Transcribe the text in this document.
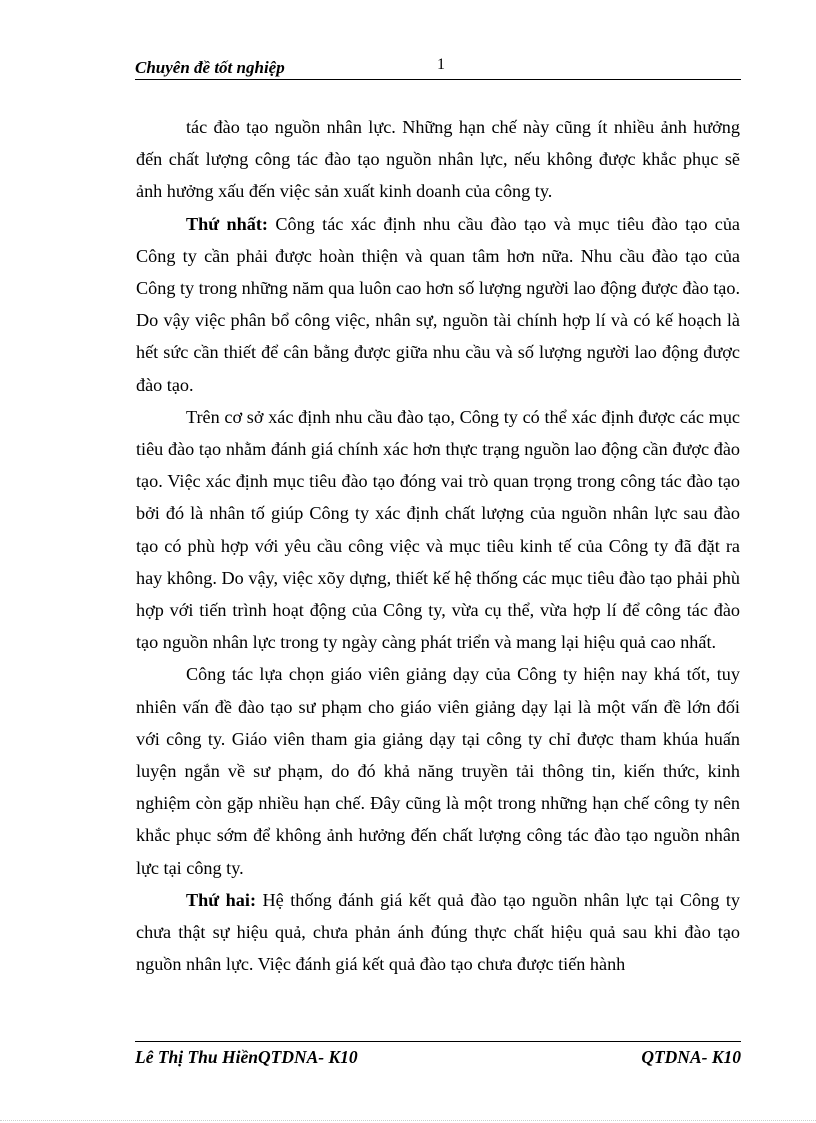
Chuyên đề tốt nghiệp	1

tác đào tạo nguồn nhân lực. Những hạn chế này cũng ít nhiều ảnh hưởng đến chất lượng công tác đào tạo nguồn nhân lực, nếu không được khắc phục sẽ ảnh hưởng xấu đến việc sản xuất kinh doanh của công ty.

Thứ nhất: Công tác xác định nhu cầu đào tạo và mục tiêu đào tạo của Công ty cần phải được hoàn thiện và quan tâm hơn nữa. Nhu cầu đào tạo của Công ty trong những năm qua luôn cao hơn số lượng người lao động được đào tạo. Do vậy việc phân bổ công việc, nhân sự, nguồn tài chính hợp lí và có kế hoạch là hết sức cần thiết để cân bằng được giữa nhu cầu và số lượng người lao động được đào tạo.

Trên cơ sở xác định nhu cầu đào tạo, Công ty có thể xác định được các mục tiêu đào tạo nhằm đánh giá chính xác hơn thực trạng nguồn lao động cần được đào tạo. Việc xác định mục tiêu đào tạo đóng vai trò quan trọng trong công tác đào tạo bởi đó là nhân tố giúp Công ty xác định chất lượng của nguồn nhân lực sau đào tạo có phù hợp với yêu cầu công việc và mục tiêu kinh tế của Công ty đã đặt ra hay không. Do vậy, việc xõy dựng, thiết kế hệ thống các mục tiêu đào tạo phải phù hợp với tiến trình hoạt động của Công ty, vừa cụ thể, vừa hợp lí để công tác đào tạo nguồn nhân lực trong ty ngày càng phát triển và mang lại hiệu quả cao nhất.

Công tác lựa chọn giáo viên giảng dạy của Công ty hiện nay khá tốt, tuy nhiên vấn đề đào tạo sư phạm cho giáo viên giảng dạy lại là một vấn đề lớn đối với công ty. Giáo viên tham gia giảng dạy tại công ty chỉ được tham khúa huấn luyện ngắn về sư phạm, do đó khả năng truyền tải thông tin, kiến thức, kinh nghiệm còn gặp nhiều hạn chế. Đây cũng là một trong những hạn chế công ty nên khắc phục sớm để không ảnh hưởng đến chất lượng công tác đào tạo nguồn nhân lực tại công ty.

Thứ hai: Hệ thống đánh giá kết quả đào tạo nguồn nhân lực tại Công ty chưa thật sự hiệu quả, chưa phản ánh đúng thực chất hiệu quả sau khi đào tạo nguồn nhân lực. Việc đánh giá kết quả đào tạo chưa được tiến hành

Lê Thị Thu HiềnQTDNA- K10	QTDNA- K10
